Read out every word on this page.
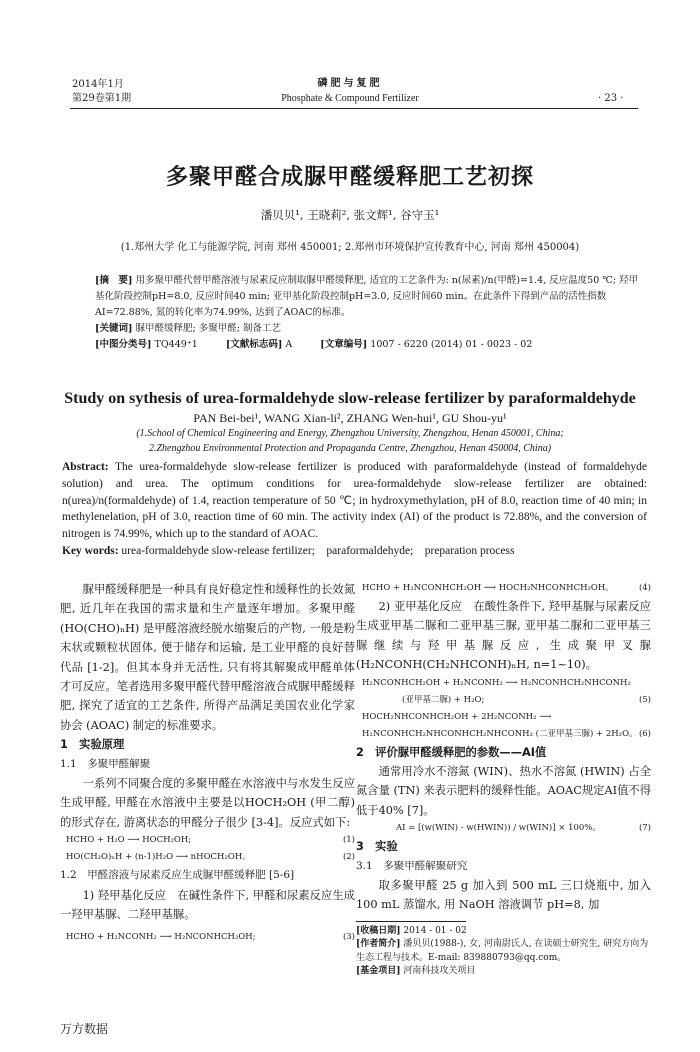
2014年1月
第29卷第1期
磷肥与复肥
Phosphate & Compound Fertilizer	· 23 ·
多聚甲醛合成脲甲醛缓释肥工艺初探
潘贝贝¹, 王晓莉², 张文辉¹, 谷守玉¹
(1.郑州大学 化工与能源学院, 河南 郑州 450001; 2.郑州市环境保护宣传教育中心, 河南 郑州 450004)
[摘　要] 用多聚甲醛代替甲醛溶液与尿素反应制取脲甲醛缓释肥, 适宜的工艺条件为: n(尿素)/n(甲醛)=1.4, 反应温度50 ℃; 羟甲基化阶段控制pH=8.0, 反应时间40 min; 亚甲基化阶段控制pH=3.0, 反应时间60 min。在此条件下得到产品的活性指数AI=72.88%, 氮的转化率为74.99%, 达到了AOAC的标准。
[关键词] 脲甲醛缓释肥; 多聚甲醛; 制备工艺
[中图分类号] TQ449⁺1	[文献标志码] A	[文章编号] 1007 - 6220 (2014) 01 - 0023 - 02
Study on sythesis of urea-formaldehyde slow-release fertilizer by paraformaldehyde
PAN Bei-bei¹, WANG Xian-li², ZHANG Wen-hui¹, GU Shou-yu¹
(1.School of Chemical Engineering and Energy, Zhengzhou University, Zhengzhou, Henan 450001, China;
2.Zhengzhou Environmental Protection and Propaganda Centre, Zhengzhou, Henan 450004, China)
Abstract: The urea-formaldehyde slow-release fertilizer is produced with paraformaldehyde (instead of formaldehyde solution) and urea. The optimum conditions for urea-formaldehyde slow-release fertilizer are obtained: n(urea)/n(formaldehyde) of 1.4, reaction temperature of 50 ℃; in hydroxymethylation, pH of 8.0, reaction time of 40 min; in methylenelation, pH of 3.0, reaction time of 60 min. The activity index (AI) of the product is 72.88%, and the conversion of nitrogen is 74.99%, which up to the standard of AOAC.
Key words: urea-formaldehyde slow-release fertilizer;　paraformaldehyde;　preparation process

脲甲醛缓释肥是一种具有良好稳定性和缓释性的长效氮肥, 近几年在我国的需求量和生产量逐年增加。多聚甲醛 (HO(CHO)ₙH) 是甲醛溶液经脱水缩聚后的产物, 一般是粉末状或颗粒状固体, 便于储存和运输, 是工业甲醛的良好替代品 [1-2]。但其本身并无活性, 只有将其解聚成甲醛单体才可反应。笔者选用多聚甲醛代替甲醛溶液合成脲甲醛缓释肥, 探究了适宜的工艺条件, 所得产品满足美国农业化学家协会 (AOAC) 制定的标准要求。

1　实验原理
1.1　多聚甲醛解聚

一系列不同聚合度的多聚甲醛在水溶液中与水发生反应生成甲醛, 甲醛在水溶液中主要是以HOCH₂OH (甲二醇) 的形式存在, 游离状态的甲醛分子很少 [3-4]。反应式如下:

HCHO + H₂O ⟶ HOCH₂OH;	(1)
HO(CH₂O)ₙH + (n-1)H₂O ⟶ nHOCH₂OH。	(2)
1.2　甲醛溶液与尿素反应生成脲甲醛缓释肥 [5-6]

1) 羟甲基化反应　在碱性条件下, 甲醛和尿素反应生成一羟甲基脲、二羟甲基脲。

HCHO + H₂NCONH₂ ⟶ H₂NCONHCH₂OH;	(3)
HCHO + H₂NCONHCH₂OH ⟶ HOCH₂NHCONHCH₂OH。	(4)

2) 亚甲基化反应　在酸性条件下, 羟甲基脲与尿素反应生成亚甲基二脲和二亚甲基三脲, 亚甲基二脲和二亚甲基三脲继续与羟甲基脲反应, 生成聚甲叉脲 (H₂NCONH(CH₂NHCONH)ₙH, n=1~10)。

H₂NCONHCH₂OH + H₂NCONH₂ ⟶ H₂NCONHCH₂NHCONH₂
(亚甲基二脲) + H₂O;	(5)
HOCH₂NHCONHCH₂OH + 2H₂NCONH₂ ⟶
H₂NCONHCH₂NHCONHCH₂NHCONH₂ (二亚甲基三脲) + 2H₂O。 (6)
2　评价脲甲醛缓释肥的参数——AI值

通常用冷水不溶氮 (WIN)、热水不溶氮 (HWIN) 占全氮含量 (TN) 来表示肥料的缓释性能。AOAC规定AI值不得低于40% [7]。

AI = [(w(WIN) - w(HWIN)) / w(WIN)] × 100%。	(7)
3　实验
3.1　多聚甲醛解聚研究

取多聚甲醛 25 g 加入到 500 mL 三口烧瓶中, 加入 100 mL 蒸馏水, 用 NaOH 溶液调节 pH=8, 加

[收稿日期] 2014 - 01 - 02
[作者简介] 潘贝贝(1988-), 女, 河南尉氏人, 在读硕士研究生, 研究方向为生态工程与技术。E-mail: 839880793@qq.com。
[基金项目] 河南科技攻关项目
万方数据
